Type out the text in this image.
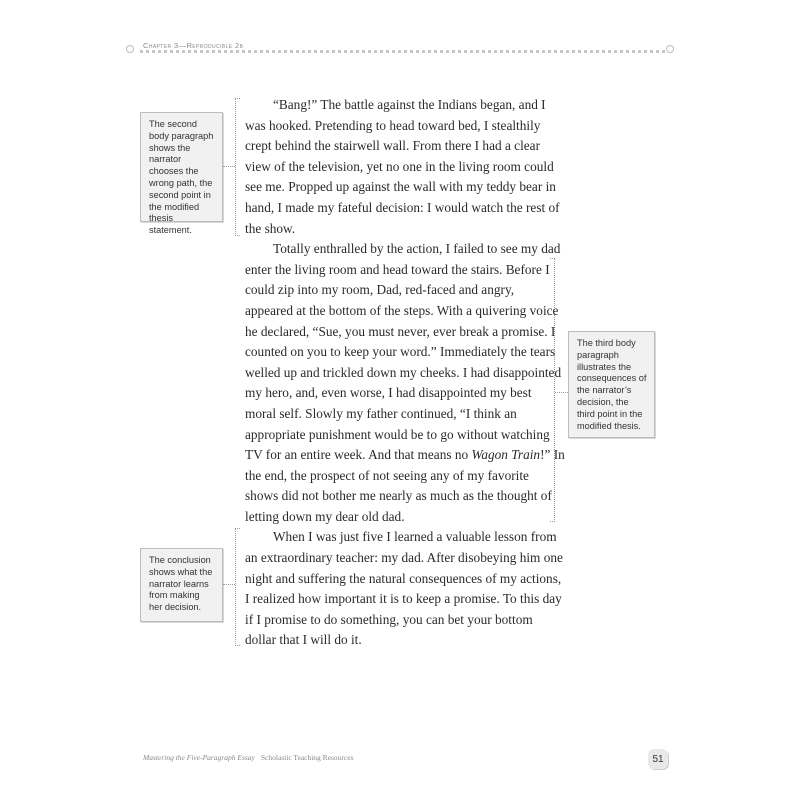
Chapter 3—Reproducible 2b
The second body paragraph shows the narrator chooses the wrong path, the second point in the modified thesis statement.
The third body paragraph illustrates the consequences of the narrator’s decision, the third point in the modified thesis.
The conclusion shows what the narrator learns from making her decision.

“Bang!” The battle against the Indians began, and I was hooked. Pretending to head toward bed, I stealthily crept behind the stairwell wall. From there I had a clear view of the television, yet no one in the living room could see me. Propped up against the wall with my teddy bear in hand, I made my fateful decision: I would watch the rest of the show.

Totally enthralled by the action, I failed to see my dad enter the living room and head toward the stairs. Before I could zip into my room, Dad, red-faced and angry, appeared at the bottom of the steps. With a quivering voice he declared, “Sue, you must never, ever break a promise. I counted on you to keep your word.” Immediately the tears welled up and trickled down my cheeks. I had disappointed my hero, and, even worse, I had disappointed my best moral self. Slowly my father continued, “I think an appropriate punishment would be to go without watching TV for an entire week. And that means no Wagon Train!” In the end, the prospect of not seeing any of my favorite shows did not bother me nearly as much as the thought of letting down my dear old dad.

When I was just five I learned a valuable lesson from an extraordinary teacher: my dad. After disobeying him one night and suffering the natural consequences of my actions, I realized how important it is to keep a promise. To this day if I promise to do something, you can bet your bottom dollar that I will do it.

Mastering the Five-Paragraph Essay Scholastic Teaching Resources	51
